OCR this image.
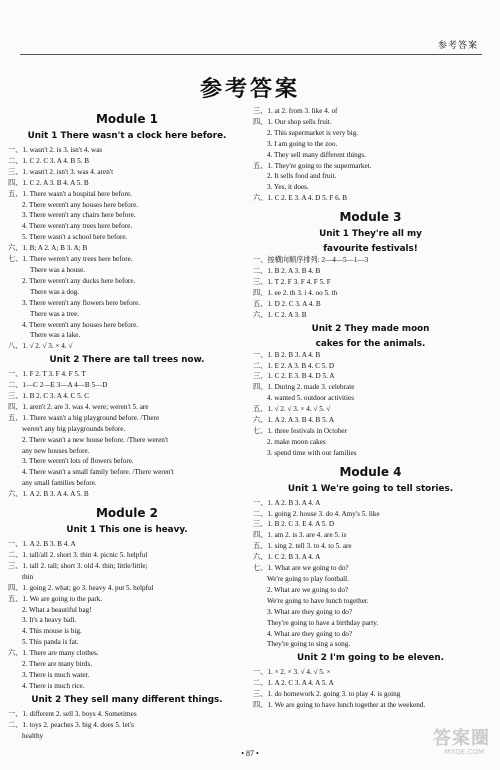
参考答案
参考答案
Module 1
Unit 1 There wasn't a clock here before.
一、1. wasn't 2. is 3. isn't 4. was
二、1. C 2. C 3. A 4. B 5. B
三、1. wasn't 2. isn't 3. was 4. aren't
四、1. C 2. A 3. B 4. A 5. B
五、1. There wasn't a hospital here before.
2. There weren't any houses here before.
3. There weren't any chairs here before.
4. There weren't any trees here before.
5. There wasn't a school here before.
六、1. B; A 2. A; B 3. A; B
七、1. There weren't any trees here before.
There was a house.
2. There weren't any ducks here before.
There was a dog.
3. There weren't any flowers here before.
There was a tree.
4. There weren't any houses here before.
There was a lake.
八、1. √ 2. √ 3. × 4. √
Unit 2 There are tall trees now.
一、1. F 2. T 3. F 4. F 5. T
二、1—C 2—E 3—A 4—B 5—D
三、1. B 2. C 3. A 4. C 5. C
四、1. aren't 2. are 3. was 4. were; weren't 5. are
五、1. There wasn't a big playground before. /There
weren't any big playgrounds before.
2. There wasn't a new house before. /There weren't
any new houses before.
3. There weren't lots of flowers before.
4. There wasn't a small family before. /There weren't
any small families before.
六、1. A 2. B 3. A 4. A 5. B
Module 2
Unit 1 This one is heavy.
一、1. A 2. B 3. B 4. A
二、1. tall/all 2. short 3. thin 4. picnic 5. helpful
三、1. tall 2. tall; short 3. old 4. thin; little/little;
thin
四、1. going 2. what; go 3. heavy 4. put 5. helpful
五、1. We are going to the park.
2. What a beautiful bag!
3. It's a heavy ball.
4. This mouse is big.
5. This panda is fat.
六、1. There are many clothes.
2. There are many birds.
3. There is much water.
4. There is much rice.
Unit 2 They sell many different things.
一、1. different 2. sell 3. boys 4. Sometimes
二、1. toys 2. peaches 3. big 4. does 5. let's
healthy
三、1. at 2. from 3. like 4. of
四、1. Our shop sells fruit.
2. This supermarket is very big.
3. I am going to the zoo.
4. They sell many different things.
五、1. They're going to the supermarket.
2. It sells food and fruit.
3. Yes, it does.
六、1. C 2. E 3. A 4. D 5. F 6. B
Module 3
Unit 1 They're all my
favourite festivals!
一、按横向顺序排列: 2—4—5—1—3
二、1. B 2. A 3. B 4. B
三、1. T 2. F 3. F 4. F 5. F
四、1. ee 2. th 3. i 4. oo 5. th
五、1. D 2. C 3. A 4. B
六、1. C 2. A 3. B
Unit 2 They made moon
cakes for the animals.
一、1. B 2. B 3. A 4. B
二、1. E 2. A 3. B 4. C 5. D
三、1. C 2. E 3. B 4. D 5. A
四、1. During 2. made 3. celebrate
4. wanted 5. outdoor activities
五、1. √ 2. √ 3. × 4. √ 5. √
六、1. A 2. A 3. B 4. B 5. A
七、1. three festivals in October
2. make moon cakes
3. spend time with our families
Module 4
Unit 1 We're going to tell stories.
一、1. A 2. B 3. A 4. A
二、1. going 2. house 3. do 4. Amy's 5. like
三、1. B 2. C 3. E 4. A 5. D
四、1. am 2. is 3. are 4. are 5. is
五、1. sing 2. tell 3. to 4. to 5. are
六、1. C 2. B 3. A 4. A
七、1. What are we going to do?
We're going to play football.
2. What are we going to do?
We're going to have lunch together.
3. What are they going to do?
They're going to have a birthday party.
4. What are they going to do?
They're going to sing a song.
Unit 2 I'm going to be eleven.
一、1. × 2. × 3. √ 4. √ 5. ×
二、1. A 2. C 3. A 4. A 5. A
三、1. do homework 2. going 3. to play 4. is going
四、1. We are going to have lunch together at the weekend.
• 87 •
答案圈
MXQE.COM
